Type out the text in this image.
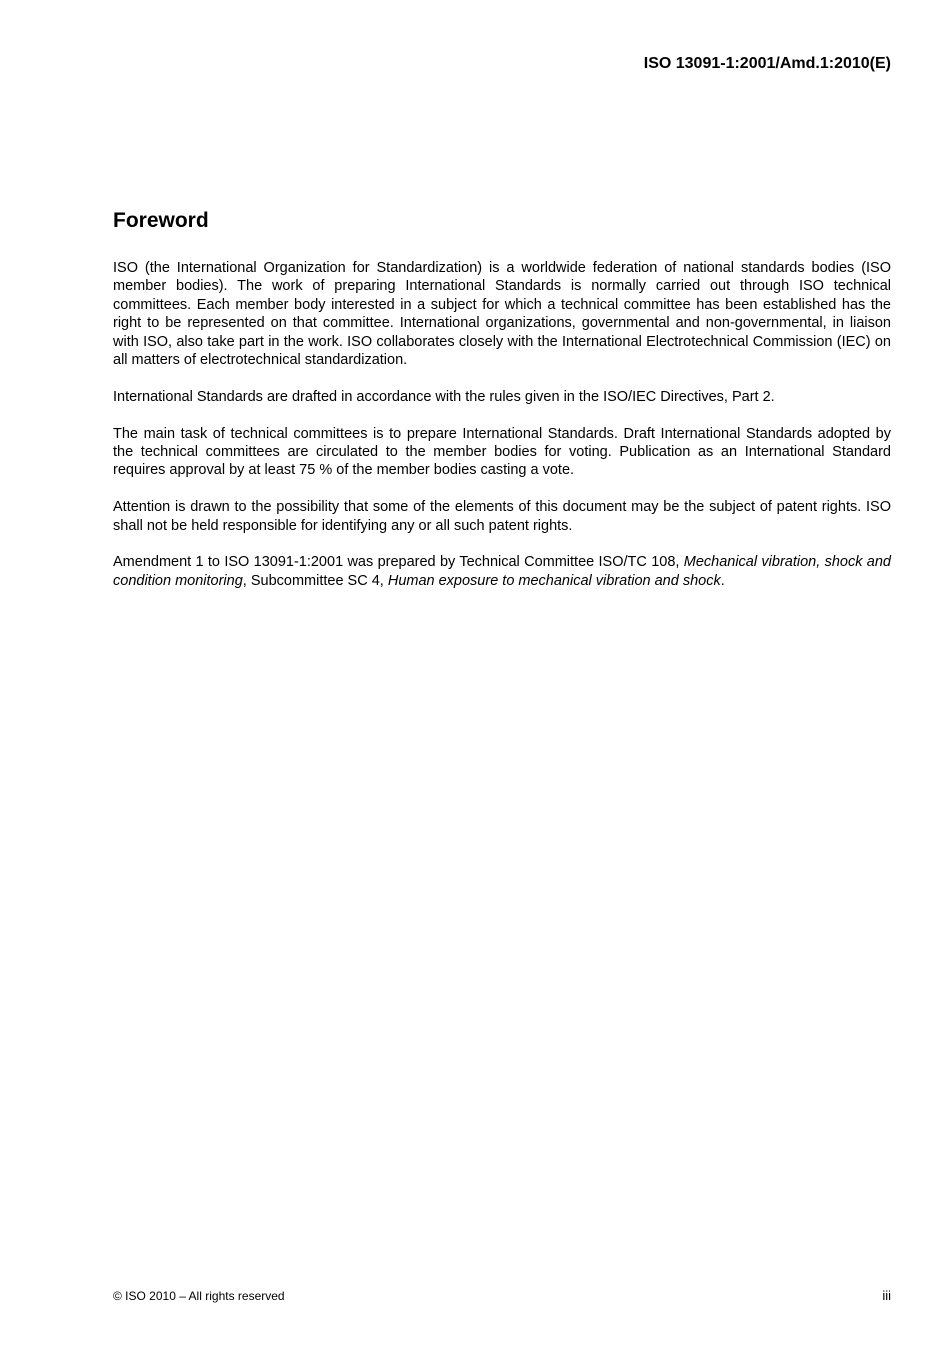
ISO 13091-1:2001/Amd.1:2010(E)
Foreword

ISO (the International Organization for Standardization) is a worldwide federation of national standards bodies (ISO member bodies). The work of preparing International Standards is normally carried out through ISO technical committees. Each member body interested in a subject for which a technical committee has been established has the right to be represented on that committee. International organizations, governmental and non-governmental, in liaison with ISO, also take part in the work. ISO collaborates closely with the International Electrotechnical Commission (IEC) on all matters of electrotechnical standardization.

International Standards are drafted in accordance with the rules given in the ISO/IEC Directives, Part 2.

The main task of technical committees is to prepare International Standards. Draft International Standards adopted by the technical committees are circulated to the member bodies for voting. Publication as an International Standard requires approval by at least 75 % of the member bodies casting a vote.

Attention is drawn to the possibility that some of the elements of this document may be the subject of patent rights. ISO shall not be held responsible for identifying any or all such patent rights.

Amendment 1 to ISO 13091-1:2001 was prepared by Technical Committee ISO/TC 108, Mechanical vibration, shock and condition monitoring, Subcommittee SC 4, Human exposure to mechanical vibration and shock.

© ISO 2010 – All rights reserved	iii
